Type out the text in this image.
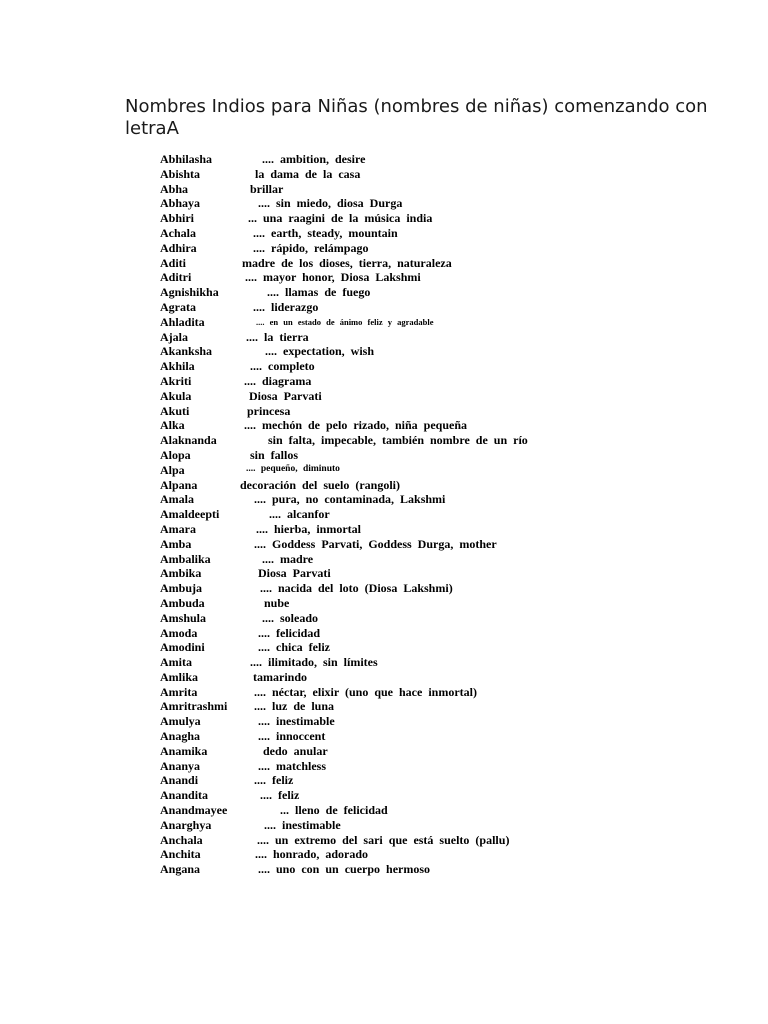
Nombres Indios para Niñas (nombres de niñas) comenzando con letraA
Abhilasha	.... ambition, desire
Abishta	la dama de la casa
Abha	brillar
Abhaya	.... sin miedo, diosa Durga
Abhiri	... una raagini de la música india
Achala	.... earth, steady, mountain
Adhira	.... rápido, relámpago
Aditi	madre de los dioses, tierra, naturaleza
Aditri	.... mayor honor, Diosa Lakshmi
Agnishikha	.... llamas de fuego
Agrata	.... liderazgo
Ahladita	.... en un estado de ánimo feliz y agradable
Ajala	.... la tierra
Akanksha	.... expectation, wish
Akhila	.... completo
Akriti	.... diagrama
Akula	Diosa Parvati
Akuti	princesa
Alka	.... mechón de pelo rizado, niña pequeña
Alaknanda	sin falta, impecable, también nombre de un río
Alopa	sin fallos
Alpa	.... pequeño, diminuto
Alpana	decoración del suelo (rangoli)
Amala	.... pura, no contaminada, Lakshmi
Amaldeepti	.... alcanfor
Amara	.... hierba, inmortal
Amba	.... Goddess Parvati, Goddess Durga, mother
Ambalika	.... madre
Ambika	Diosa Parvati
Ambuja	.... nacida del loto (Diosa Lakshmi)
Ambuda	nube
Amshula	.... soleado
Amoda	.... felicidad
Amodini	.... chica feliz
Amita	.... ilimitado, sin límites
Amlika	tamarindo
Amrita	.... néctar, elixir (uno que hace inmortal)
Amritrashmi .... luz de luna
Amulya	.... inestimable
Anagha	.... innoccent
Anamika	dedo anular
Ananya	.... matchless
Anandi	.... feliz
Anandita	.... feliz
Anandmayee	... lleno de felicidad
Anarghya	.... inestimable
Anchala	.... un extremo del sari que está suelto (pallu)
Anchita	.... honrado, adorado
Angana	.... uno con un cuerpo hermoso
